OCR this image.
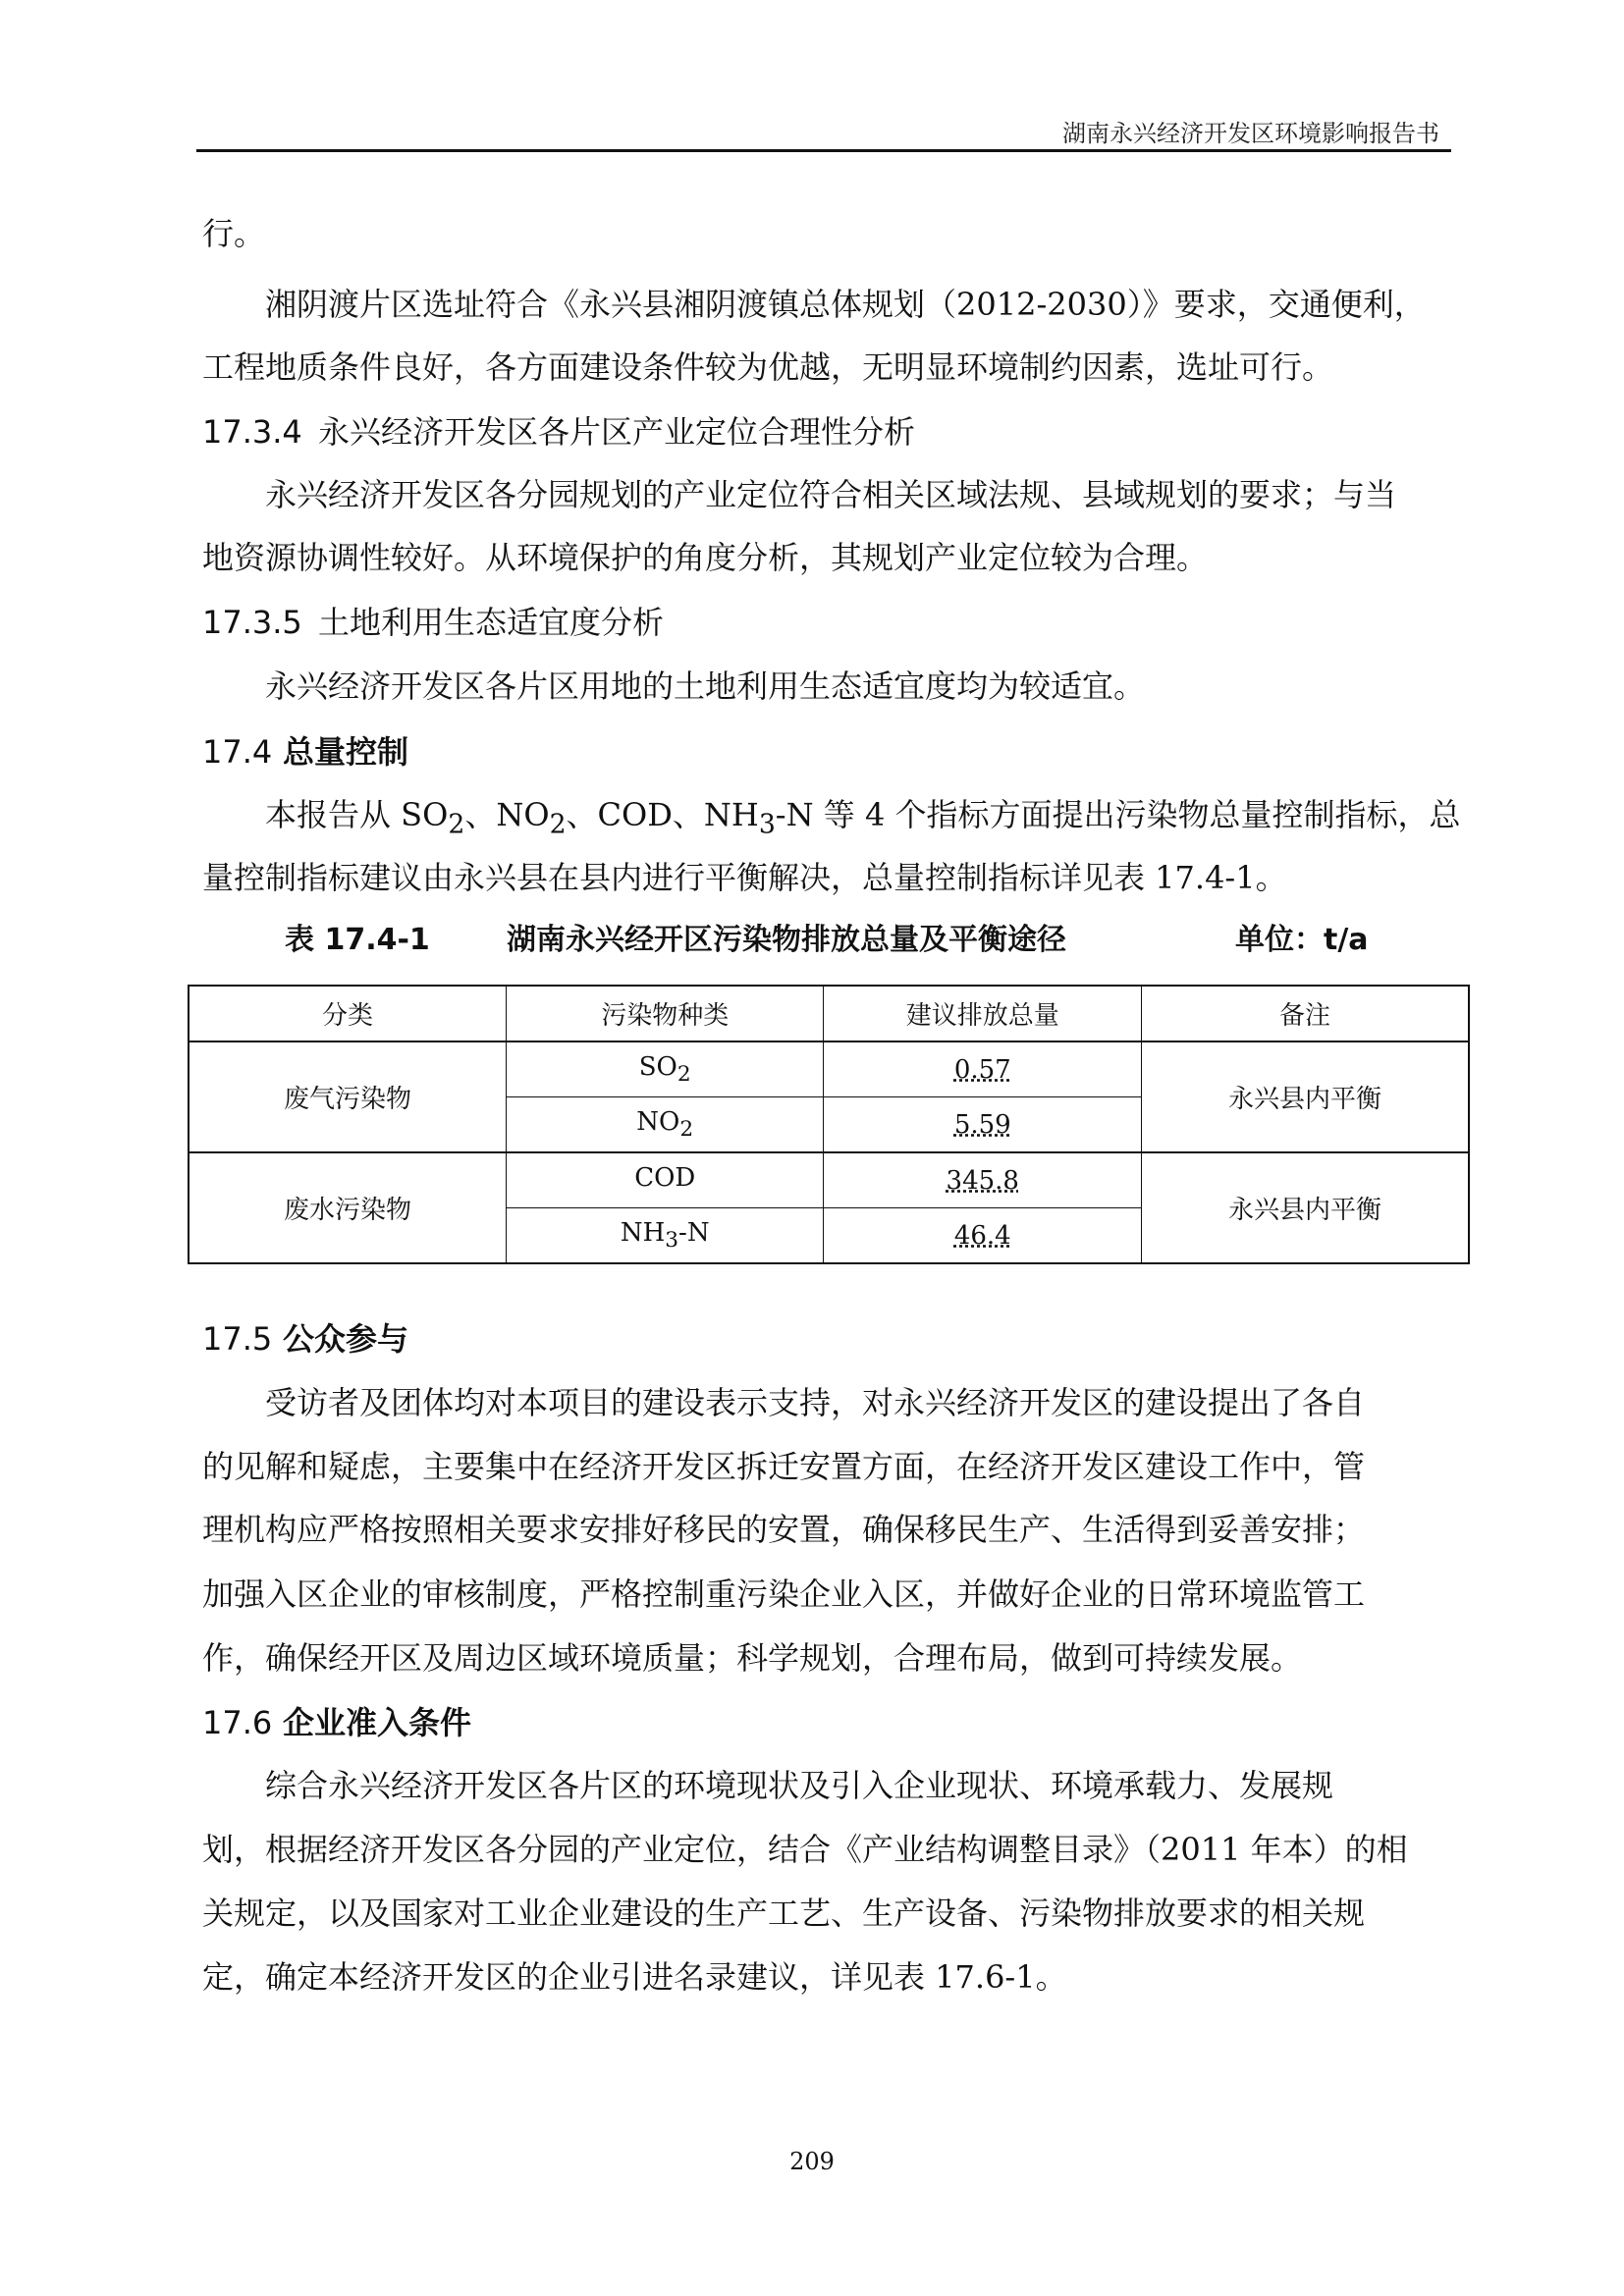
湖南永兴经济开发区环境影响报告书
行。
湘阴渡片区选址符合《永兴县湘阴渡镇总体规划（2012-2030）》要求，交通便利，
工程地质条件良好，各方面建设条件较为优越，无明显环境制约因素，选址可行。
17.3.4 永兴经济开发区各片区产业定位合理性分析
永兴经济开发区各分园规划的产业定位符合相关区域法规、县域规划的要求；与当
地资源协调性较好。从环境保护的角度分析，其规划产业定位较为合理。
17.3.5 土地利用生态适宜度分析
永兴经济开发区各片区用地的土地利用生态适宜度均为较适宜。
17.4 总量控制
本报告从 $SO_2$、$NO_2$、COD、$NH_3-N$ 等 4 个指标方面提出污染物总量控制指标，总
量控制指标建议由永兴县在县内进行平衡解决，总量控制指标详见表 17.4-1。
表 17.4-1	湖南永兴经开区污染物排放总量及平衡途径	单位：t/a
分类	污染物种类	建议排放总量	备注
废气污染物	$SO_2$	0.57	永兴县内平衡
	$NO_2$	5.59	
废水污染物	COD	345.8	永兴县内平衡
	$NH_3-N$	46.4	
17.5 公众参与
受访者及团体均对本项目的建设表示支持，对永兴经济开发区的建设提出了各自
的见解和疑虑，主要集中在经济开发区拆迁安置方面，在经济开发区建设工作中，管
理机构应严格按照相关要求安排好移民的安置，确保移民生产、生活得到妥善安排；
加强入区企业的审核制度，严格控制重污染企业入区，并做好企业的日常环境监管工
作，确保经开区及周边区域环境质量；科学规划，合理布局，做到可持续发展。
17.6 企业准入条件
综合永兴经济开发区各片区的环境现状及引入企业现状、环境承载力、发展规
划，根据经济开发区各分园的产业定位，结合《产业结构调整目录》（2011 年本）的相
关规定，以及国家对工业企业建设的生产工艺、生产设备、污染物排放要求的相关规
定，确定本经济开发区的企业引进名录建议，详见表 17.6-1。
209
